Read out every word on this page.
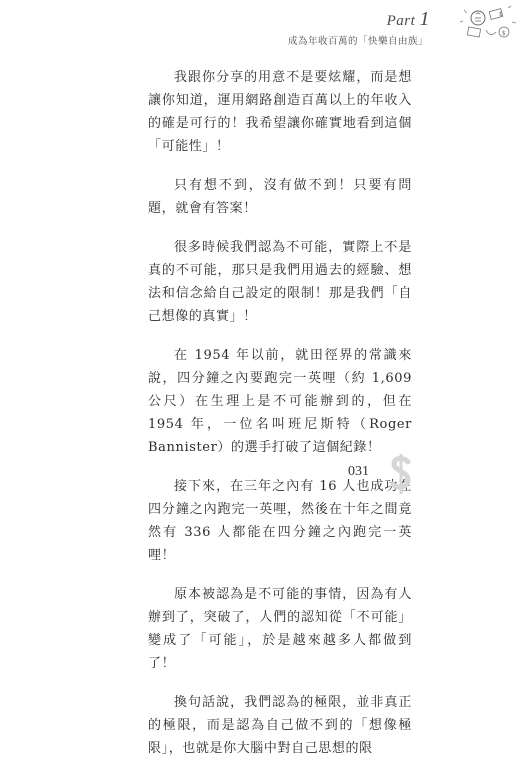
Part 1
成為年收百萬的「快樂自由族」
$
$

我跟你分享的用意不是要炫耀，而是想讓你知道，運用網路創造百萬以上的年收入的確是可行的！我希望讓你確實地看到這個「可能性」！

只有想不到，沒有做不到！只要有問題，就會有答案！

很多時候我們認為不可能，實際上不是真的不可能，那只是我們用過去的經驗、想法和信念給自己設定的限制！那是我們「自己想像的真實」！

在 1954 年以前，就田徑界的常識來說，四分鐘之內要跑完一英哩（約 1,609 公尺）在生理上是不可能辦到的，但在 1954 年，一位名叫班尼斯特（Roger Bannister）的選手打破了這個紀錄！

接下來，在三年之內有 16 人也成功在四分鐘之內跑完一英哩，然後在十年之間竟然有 336 人都能在四分鐘之內跑完一英哩！

原本被認為是不可能的事情，因為有人辦到了，突破了，人們的認知從「不可能」變成了「可能」，於是越來越多人都做到了！

換句話說，我們認為的極限，並非真正的極限，而是認為自己做不到的「想像極限」，也就是你大腦中對自己思想的限

031
